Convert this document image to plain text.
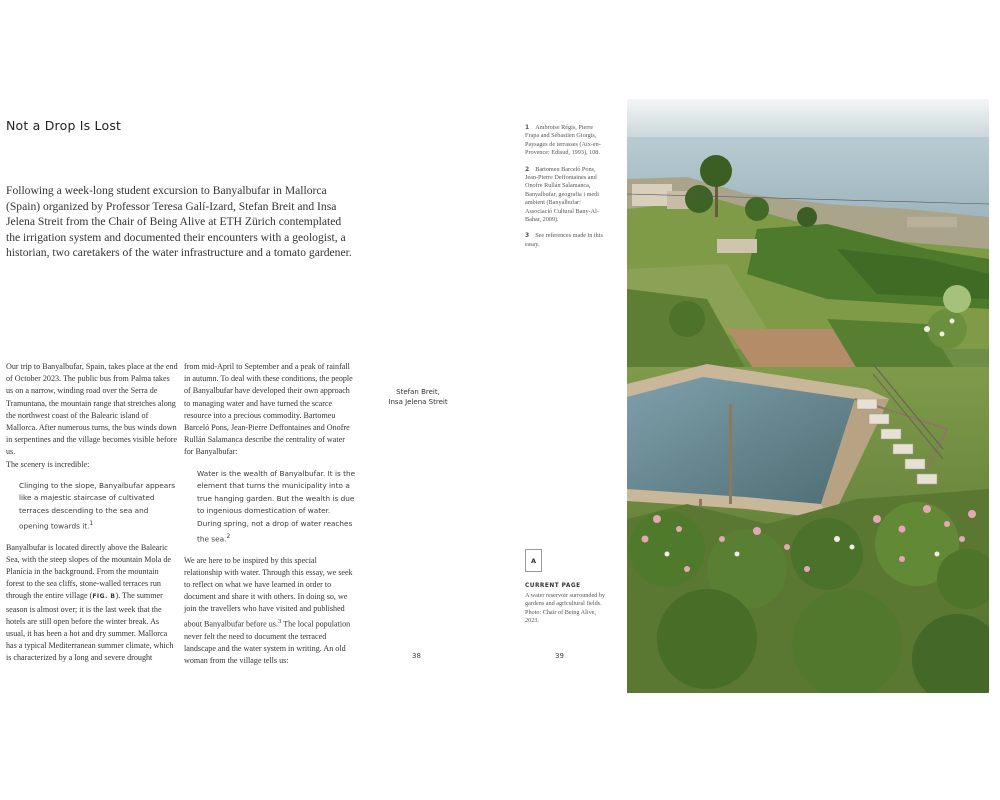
Not a Drop Is Lost

Following a week-long student excursion to Banyalbufar in Mallorca (Spain) organized by Professor Teresa Galí-Izard, Stefan Breit and Insa Jelena Streit from the Chair of Being Alive at ETH Zürich contemplated the irrigation system and documented their encounters with a geologist, a historian, two caretakers of the water infrastructure and a tomato gardener.

Our trip to Banyalbufar, Spain, takes place at the end of October 2023. The public bus from Palma takes us on a narrow, winding road over the Serra de Tramuntana, the mountain range that stretches along the northwest coast of the Balearic island of Mallorca. After numerous turns, the bus winds down in serpentines and the village becomes visible before us.

The scenery is incredible:

Clinging to the slope, Banyalbufar appears like a majestic staircase of cultivated terraces descending to the sea and opening towards it.$^1$

Banyalbufar is located directly above the Balearic Sea, with the steep slopes of the mountain Mola de Planícia in the background. From the mountain forest to the sea cliffs, stone-walled terraces run through the entire village (FIG. B). The summer season is almost over; it is the last week that the hotels are still open before the winter break. As usual, it has been a hot and dry summer. Mallorca has a typical Mediterranean summer climate, which is characterized by a long and severe drought

from mid-April to September and a peak of rainfall in autumn. To deal with these conditions, the people of Banyalbufar have developed their own approach to managing water and have turned the scarce resource into a precious commodity. Bartomeu Barceló Pons, Jean-Pierre Deffontaines and Onofre Rullán Salamanca describe the centrality of water for Banyalbufar:

Water is the wealth of Banyalbufar. It is the element that turns the municipality into a true hanging garden. But the wealth is due to ingenious domestication of water. During spring, not a drop of water reaches the sea.$^2$

We are here to be inspired by this special relationship with water. Through this essay, we seek to reflect on what we have learned in order to document and share it with others. In doing so, we join the travellers who have visited and published about Banyalbufar before us.$^3$ The local population never felt the need to document the terraced landscape and the water system in writing. An old woman from the village tells us:

Stefan Breit,
Insa Jelena Streit
38	39

1 Ambroise Régis, Pierre Frapa and Sébastien Giorgis, Paysages de terrasses (Aix-en-Provence: Edisud, 1993), 108.

2 Bartomeu Barceló Pons, Jean-Pierre Deffontaines and Onofre Rullán Salamanca, Banyalbufar, geografia i medi ambient (Banyalbufar: Associació Cultural Bany-Al-Bahar, 2009).

3 See references made in this essay.

A
CURRENT PAGE
A water reservoir surrounded by gardens and agricultural fields. Photo: Chair of Being Alive, 2023.
